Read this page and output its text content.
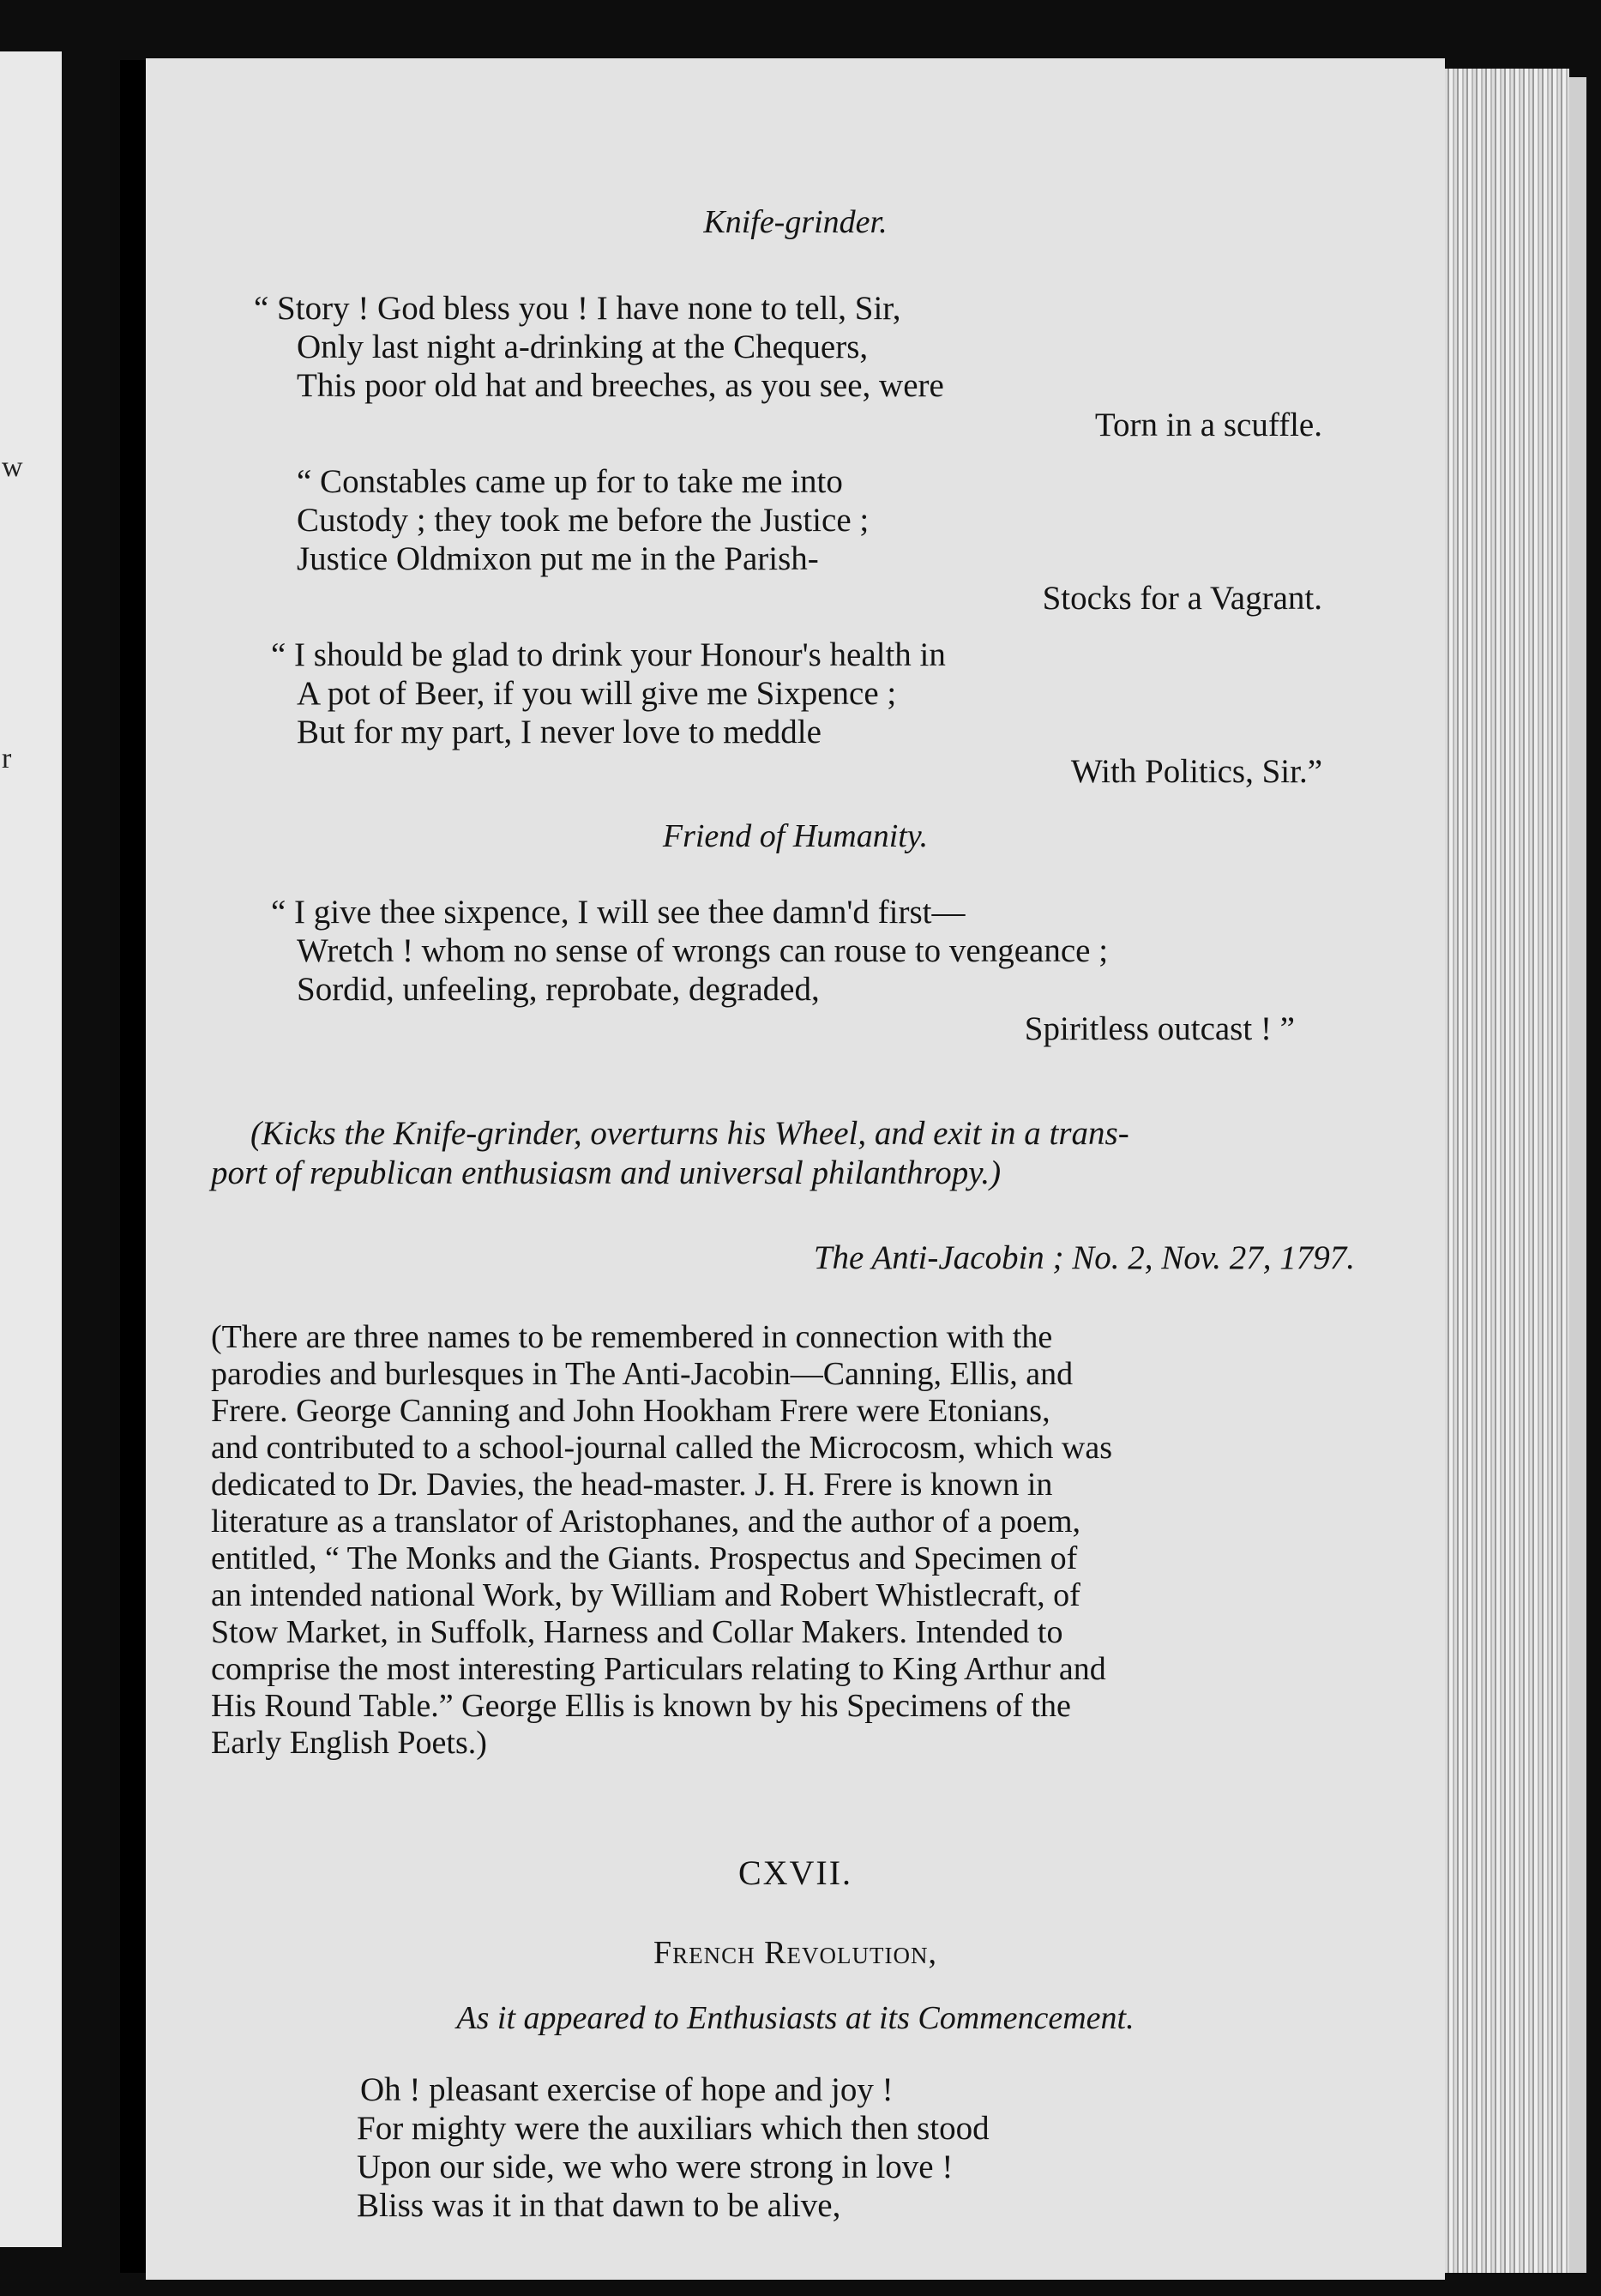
w
r
Knife-grinder.
“ Story ! God bless you ! I have none to tell, Sir,
Only last night a-drinking at the Chequers,
This poor old hat and breeches, as you see, were
Torn in a scuffle.
“ Constables came up for to take me into
Custody ; they took me before the Justice ;
Justice Oldmixon put me in the Parish-
Stocks for a Vagrant.
“ I should be glad to drink your Honour's health in
A pot of Beer, if you will give me Sixpence ;
But for my part, I never love to meddle
With Politics, Sir.”
Friend of Humanity.
“ I give thee sixpence, I will see thee damn'd first—
Wretch ! whom no sense of wrongs can rouse to vengeance ;
Sordid, unfeeling, reprobate, degraded,
Spiritless outcast ! ”
(Kicks the Knife-grinder, overturns his Wheel, and exit in a trans-
port of republican enthusiasm and universal philanthropy.)
The Anti-Jacobin ; No. 2, Nov. 27, 1797.
(There are three names to be remembered in connection with the
parodies and burlesques in The Anti-Jacobin—Canning, Ellis, and
Frere. George Canning and John Hookham Frere were Etonians,
and contributed to a school-journal called the Microcosm, which was
dedicated to Dr. Davies, the head-master. J. H. Frere is known in
literature as a translator of Aristophanes, and the author of a poem,
entitled, “ The Monks and the Giants. Prospectus and Specimen of
an intended national Work, by William and Robert Whistlecraft, of
Stow Market, in Suffolk, Harness and Collar Makers. Intended to
comprise the most interesting Particulars relating to King Arthur and
His Round Table.” George Ellis is known by his Specimens of the
Early English Poets.)
CXVII.
French Revolution,
As it appeared to Enthusiasts at its Commencement.
Oh ! pleasant exercise of hope and joy !
For mighty were the auxiliars which then stood
Upon our side, we who were strong in love !
Bliss was it in that dawn to be alive,
